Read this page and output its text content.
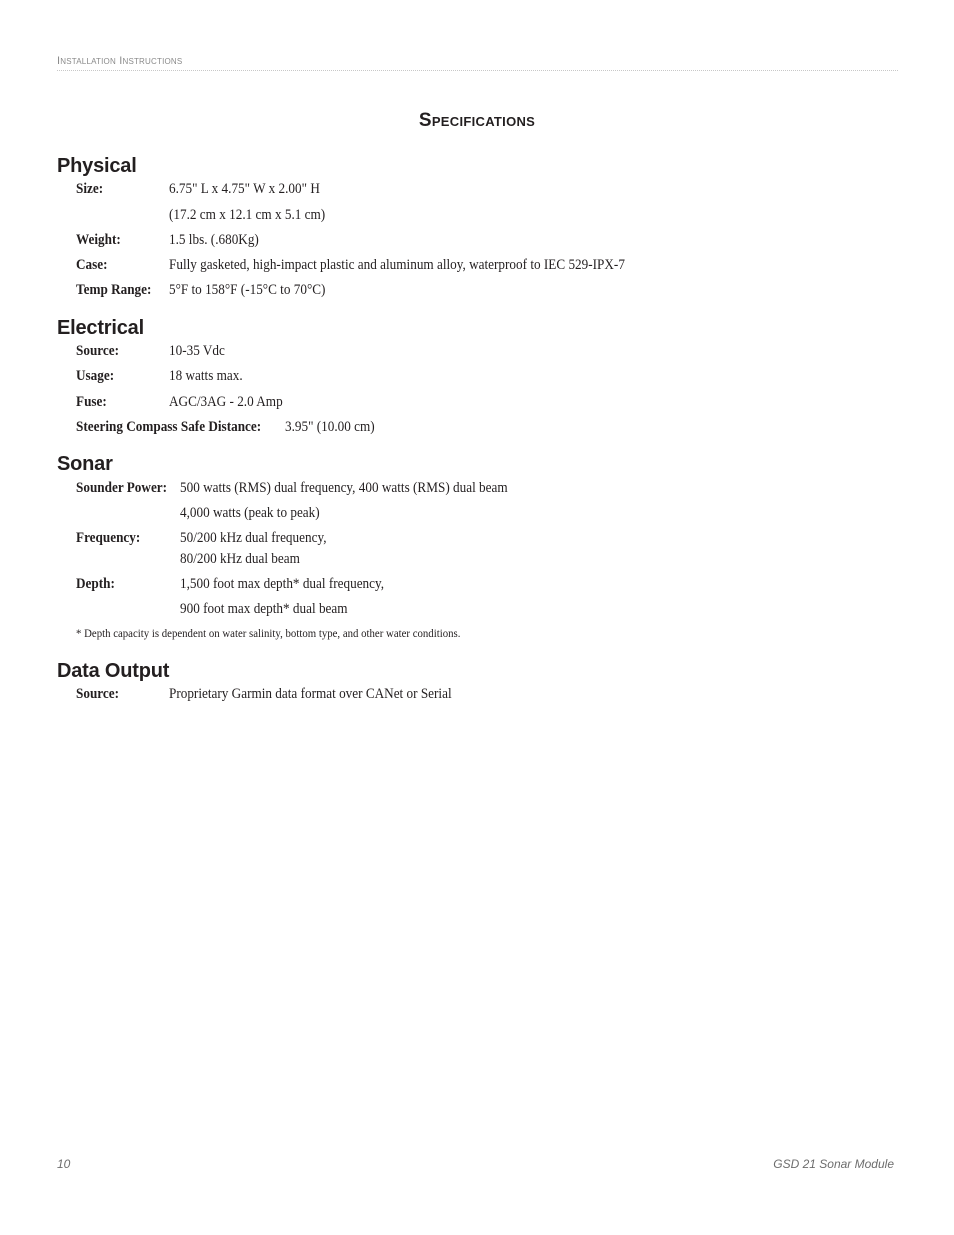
Installation Instructions
Specifications
Physical
Size:	6.75" L x 4.75" W x 2.00" H
(17.2 cm x 12.1 cm x 5.1 cm)
Weight:	1.5 lbs. (.680Kg)
Case:	Fully gasketed, high-impact plastic and aluminum alloy, waterproof to IEC 529-IPX-7
Temp Range: 5°F to 158°F (-15°C to 70°C)
Electrical
Source:	10-35 Vdc
Usage:	18 watts max.
Fuse:	AGC/3AG - 2.0 Amp
Steering Compass Safe Distance: 3.95" (10.00 cm)
Sonar
Sounder Power: 500 watts (RMS) dual frequency, 400 watts (RMS) dual beam
4,000 watts (peak to peak)
Frequency:	50/200 kHz dual frequency,
80/200 kHz dual beam
Depth:	1,500 foot max depth* dual frequency,
900 foot max depth* dual beam
* Depth capacity is dependent on water salinity, bottom type, and other water conditions.
Data Output
Source:	Proprietary Garmin data format over CANet or Serial
10	GSD 21 Sonar Module
